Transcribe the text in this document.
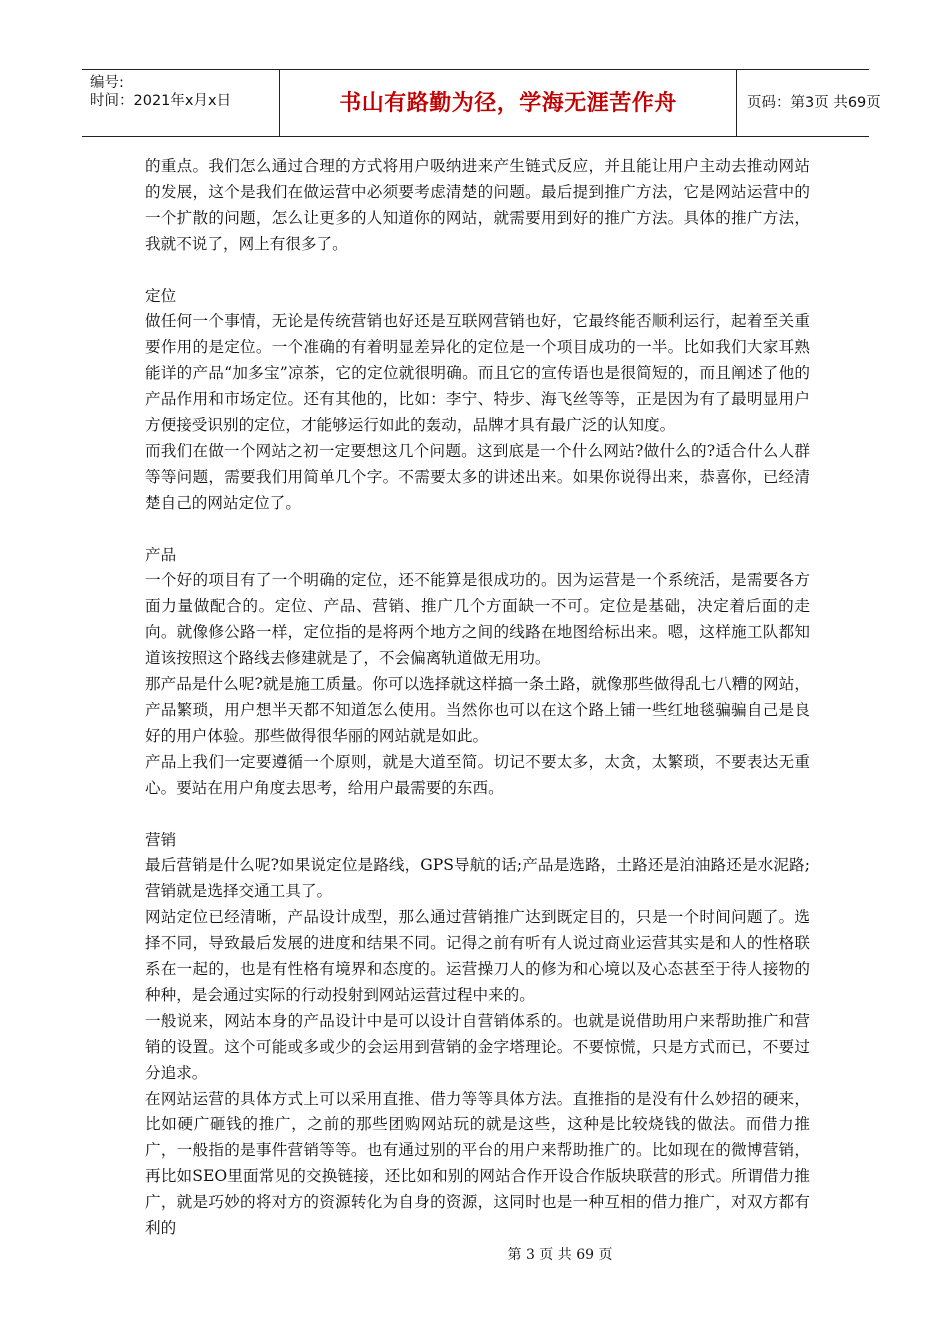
编号:
时间：2021年x月x日	书山有路勤为径，学海无涯苦作舟	页码：第3页 共69页

的重点。我们怎么通过合理的方式将用户吸纳进来产生链式反应，并且能让用户主动去推动网站的发展，这个是我们在做运营中必须要考虑清楚的问题。最后提到推广方法，它是网站运营中的一个扩散的问题，怎么让更多的人知道你的网站，就需要用到好的推广方法。具体的推广方法，我就不说了，网上有很多了。

定位

做任何一个事情，无论是传统营销也好还是互联网营销也好，它最终能否顺利运行，起着至关重要作用的是定位。一个准确的有着明显差异化的定位是一个项目成功的一半。比如我们大家耳熟能详的产品“加多宝”凉茶，它的定位就很明确。而且它的宣传语也是很简短的，而且阐述了他的产品作用和市场定位。还有其他的，比如：李宁、特步、海飞丝等等，正是因为有了最明显用户方便接受识别的定位，才能够运行如此的轰动，品牌才具有最广泛的认知度。

而我们在做一个网站之初一定要想这几个问题。这到底是一个什么网站?做什么的?适合什么人群等等问题，需要我们用简单几个字。不需要太多的讲述出来。如果你说得出来，恭喜你，已经清楚自己的网站定位了。

产品

一个好的项目有了一个明确的定位，还不能算是很成功的。因为运营是一个系统活，是需要各方面力量做配合的。定位、产品、营销、推广几个方面缺一不可。定位是基础，决定着后面的走向。就像修公路一样，定位指的是将两个地方之间的线路在地图给标出来。嗯，这样施工队都知道该按照这个路线去修建就是了，不会偏离轨道做无用功。

那产品是什么呢?就是施工质量。你可以选择就这样搞一条土路，就像那些做得乱七八糟的网站，产品繁琐，用户想半天都不知道怎么使用。当然你也可以在这个路上铺一些红地毯骗骗自己是良好的用户体验。那些做得很华丽的网站就是如此。

产品上我们一定要遵循一个原则，就是大道至简。切记不要太多，太贪，太繁琐，不要表达无重心。要站在用户角度去思考，给用户最需要的东西。

营销

最后营销是什么呢?如果说定位是路线，GPS导航的话;产品是选路，土路还是泊油路还是水泥路;营销就是选择交通工具了。

网站定位已经清晰，产品设计成型，那么通过营销推广达到既定目的，只是一个时间问题了。选择不同，导致最后发展的进度和结果不同。记得之前有听有人说过商业运营其实是和人的性格联系在一起的，也是有性格有境界和态度的。运营操刀人的修为和心境以及心态甚至于待人接物的种种，是会通过实际的行动投射到网站运营过程中来的。

一般说来，网站本身的产品设计中是可以设计自营销体系的。也就是说借助用户来帮助推广和营销的设置。这个可能或多或少的会运用到营销的金字塔理论。不要惊慌，只是方式而已，不要过分追求。

在网站运营的具体方式上可以采用直推、借力等等具体方法。直推指的是没有什么妙招的硬来，比如硬广砸钱的推广，之前的那些团购网站玩的就是这些，这种是比较烧钱的做法。而借力推广，一般指的是事件营销等等。也有通过别的平台的用户来帮助推广的。比如现在的微博营销，再比如SEO里面常见的交换链接，还比如和别的网站合作开设合作版块联营的形式。所谓借力推广，就是巧妙的将对方的资源转化为自身的资源，这同时也是一种互相的借力推广，对双方都有利的

第 3 页 共 69 页
